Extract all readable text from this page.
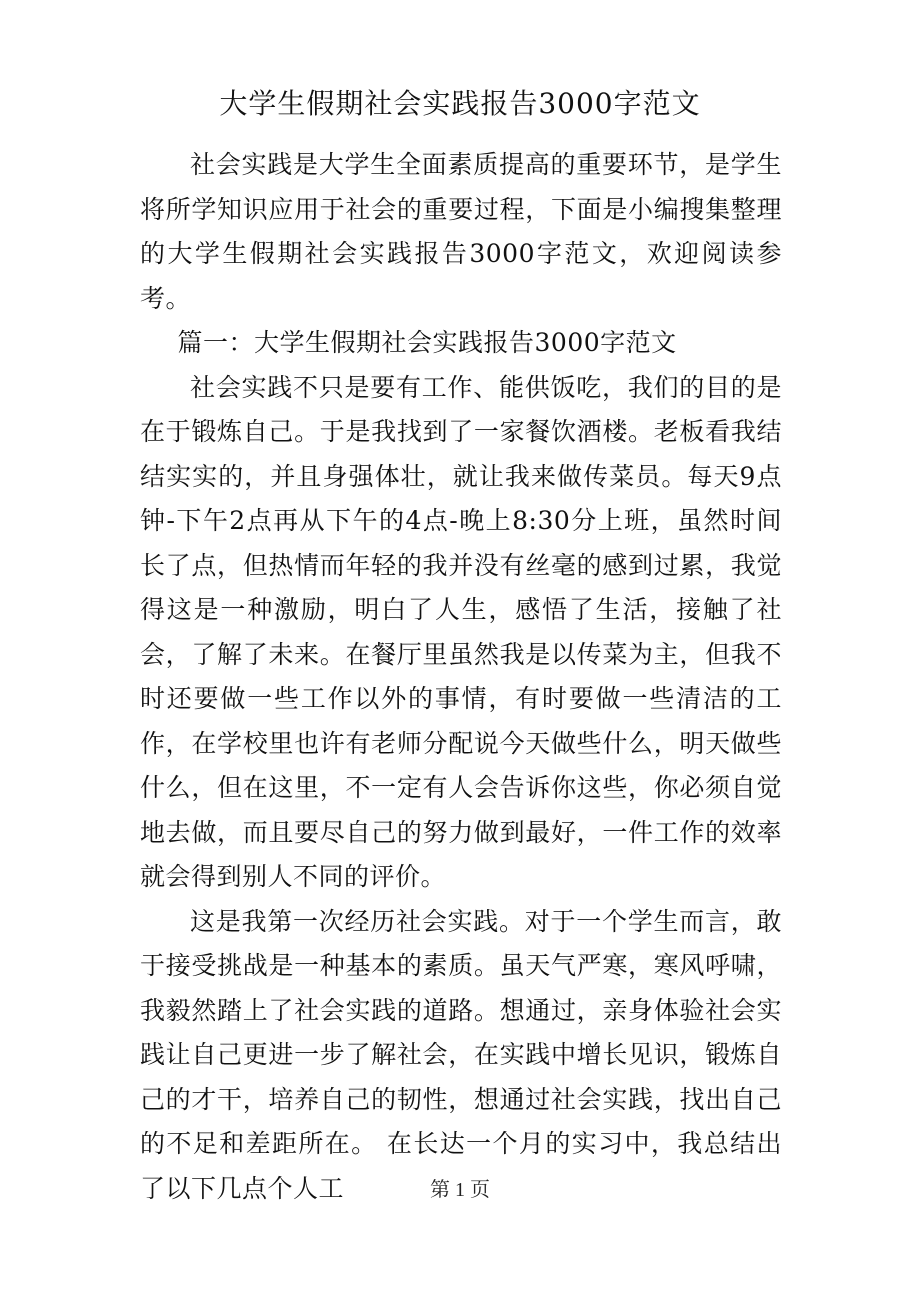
大学生假期社会实践报告3000字范文

社会实践是大学生全面素质提高的重要环节，是学生将所学知识应用于社会的重要过程，下面是小编搜集整理的大学生假期社会实践报告3000字范文，欢迎阅读参考。

篇一：大学生假期社会实践报告3000字范文

社会实践不只是要有工作、能供饭吃，我们的目的是在于锻炼自己。于是我找到了一家餐饮酒楼。老板看我结结实实的，并且身强体壮，就让我来做传菜员。每天9点钟-下午2点再从下午的4点-晚上8:30分上班，虽然时间长了点，但热情而年轻的我并没有丝毫的感到过累，我觉得这是一种激励，明白了人生，感悟了生活，接触了社会，了解了未来。在餐厅里虽然我是以传菜为主，但我不时还要做一些工作以外的事情，有时要做一些清洁的工作，在学校里也许有老师分配说今天做些什么，明天做些什么，但在这里，不一定有人会告诉你这些，你必须自觉地去做，而且要尽自己的努力做到最好，一件工作的效率就会得到别人不同的评价。

这是我第一次经历社会实践。对于一个学生而言，敢于接受挑战是一种基本的素质。虽天气严寒，寒风呼啸，我毅然踏上了社会实践的道路。想通过，亲身体验社会实践让自己更进一步了解社会，在实践中增长见识，锻炼自己的才干，培养自己的韧性，想通过社会实践，找出自己的不足和差距所在。 在长达一个月的实习中，我总结出了以下几点个人工	第 1 页
